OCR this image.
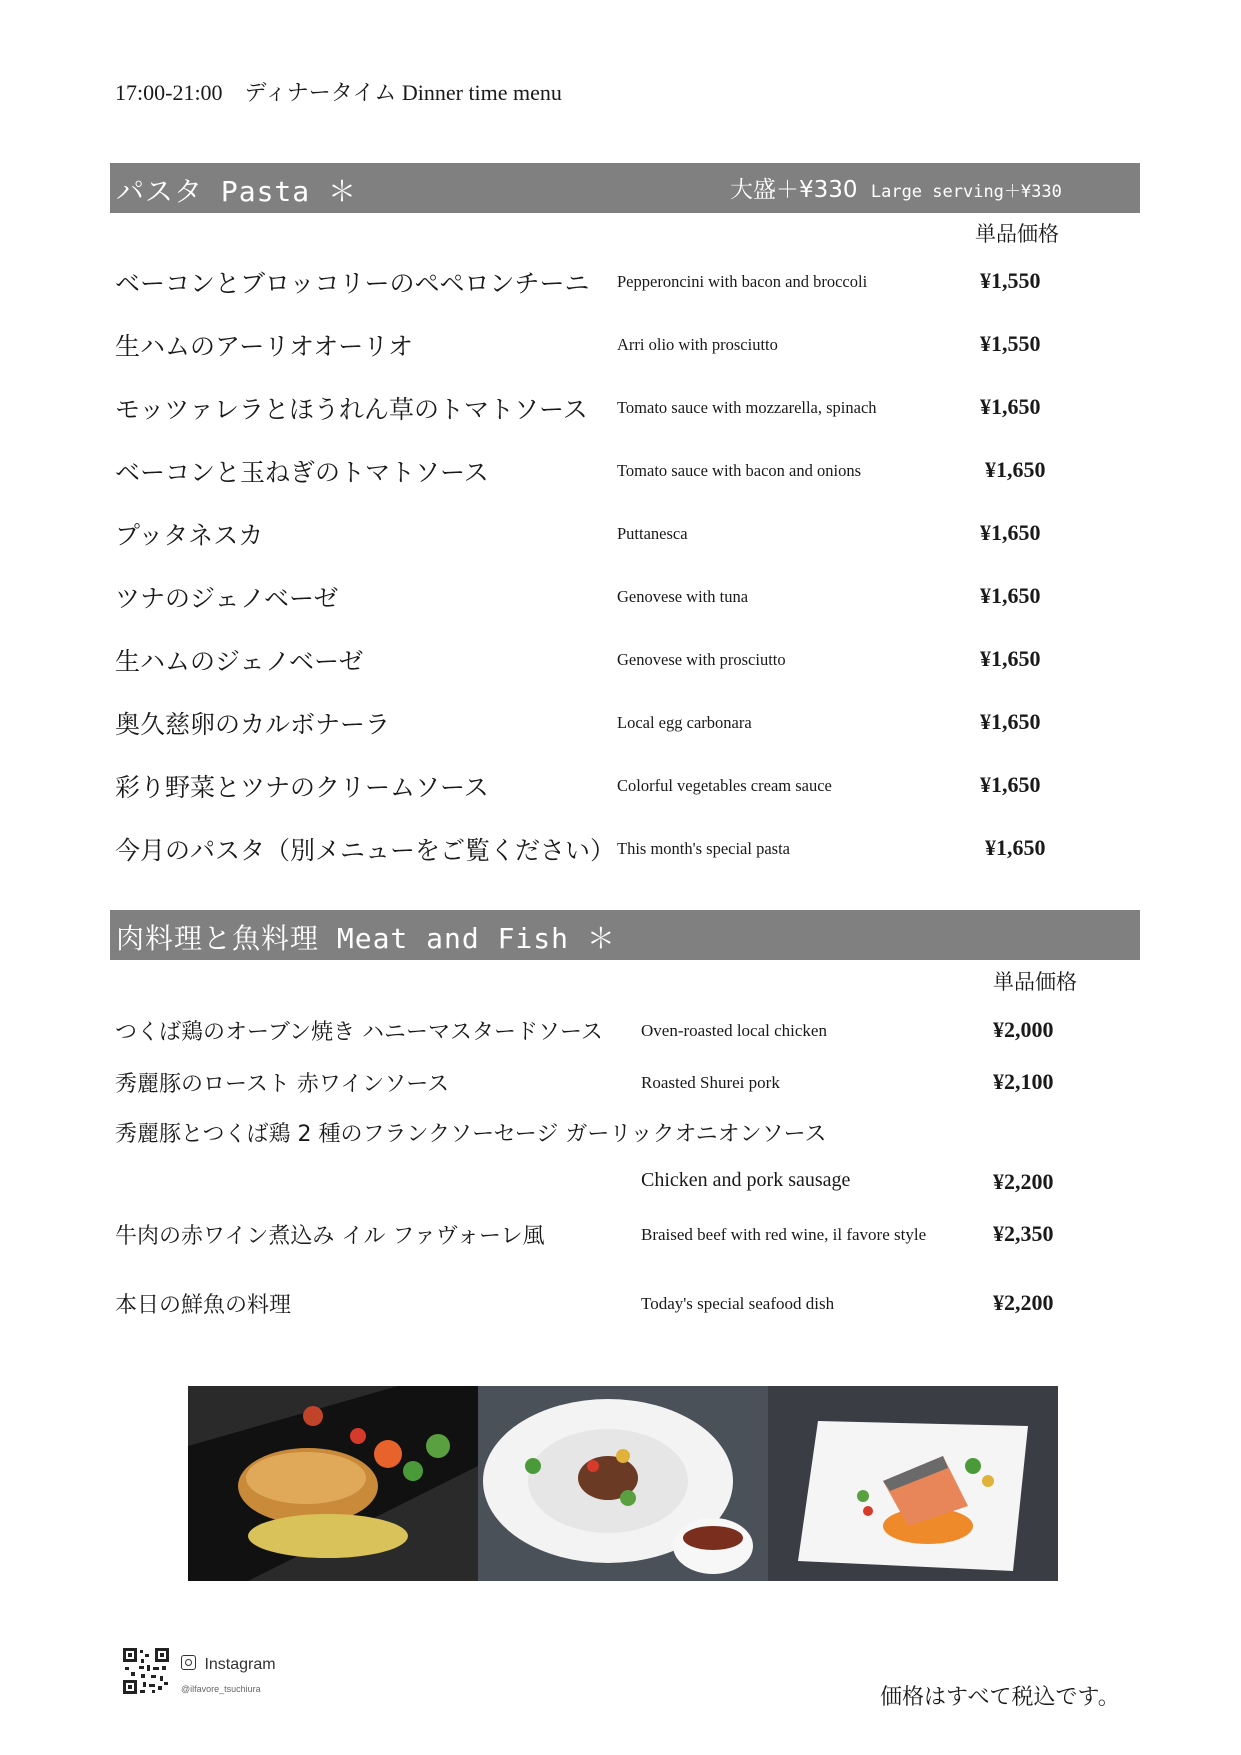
17:00-21:00　ディナータイム Dinner time menu
パスタ Pasta ＊	大盛＋¥330 Large serving＋¥330
単品価格
ベーコンとブロッコリーのペペロンチーニ Pepperoncini with bacon and broccoli	¥1,550
生ハムのアーリオオーリオ	Arri olio with prosciutto	¥1,550
モッツァレラとほうれん草のトマトソース Tomato sauce with mozzarella, spinach	¥1,650
ベーコンと玉ねぎのトマトソース	Tomato sauce with bacon and onions	¥1,650
プッタネスカ	Puttanesca	¥1,650
ツナのジェノベーゼ	Genovese with tuna	¥1,650
生ハムのジェノベーゼ	Genovese with prosciutto	¥1,650
奥久慈卵のカルボナーラ	Local egg carbonara	¥1,650
彩り野菜とツナのクリームソース	Colorful vegetables cream sauce	¥1,650
今月のパスタ（別メニューをご覧ください） This month's special pasta	¥1,650
肉料理と魚料理 Meat and Fish ＊
単品価格
つくば鶏のオーブン焼き ハニーマスタードソース Oven-roasted local chicken	¥2,000
秀麗豚のロースト 赤ワインソース	Roasted Shurei pork	¥2,100
秀麗豚とつくば鶏 2 種のフランクソーセージ ガーリックオニオンソース
Chicken and pork sausage	¥2,200
牛肉の赤ワイン煮込み イル ファヴォーレ風	Braised beef with red wine, il favore style	¥2,350
本日の鮮魚の料理	Today's special seafood dish	¥2,200
Instagram
@ilfavore_tsuchiura	価格はすべて税込です。
